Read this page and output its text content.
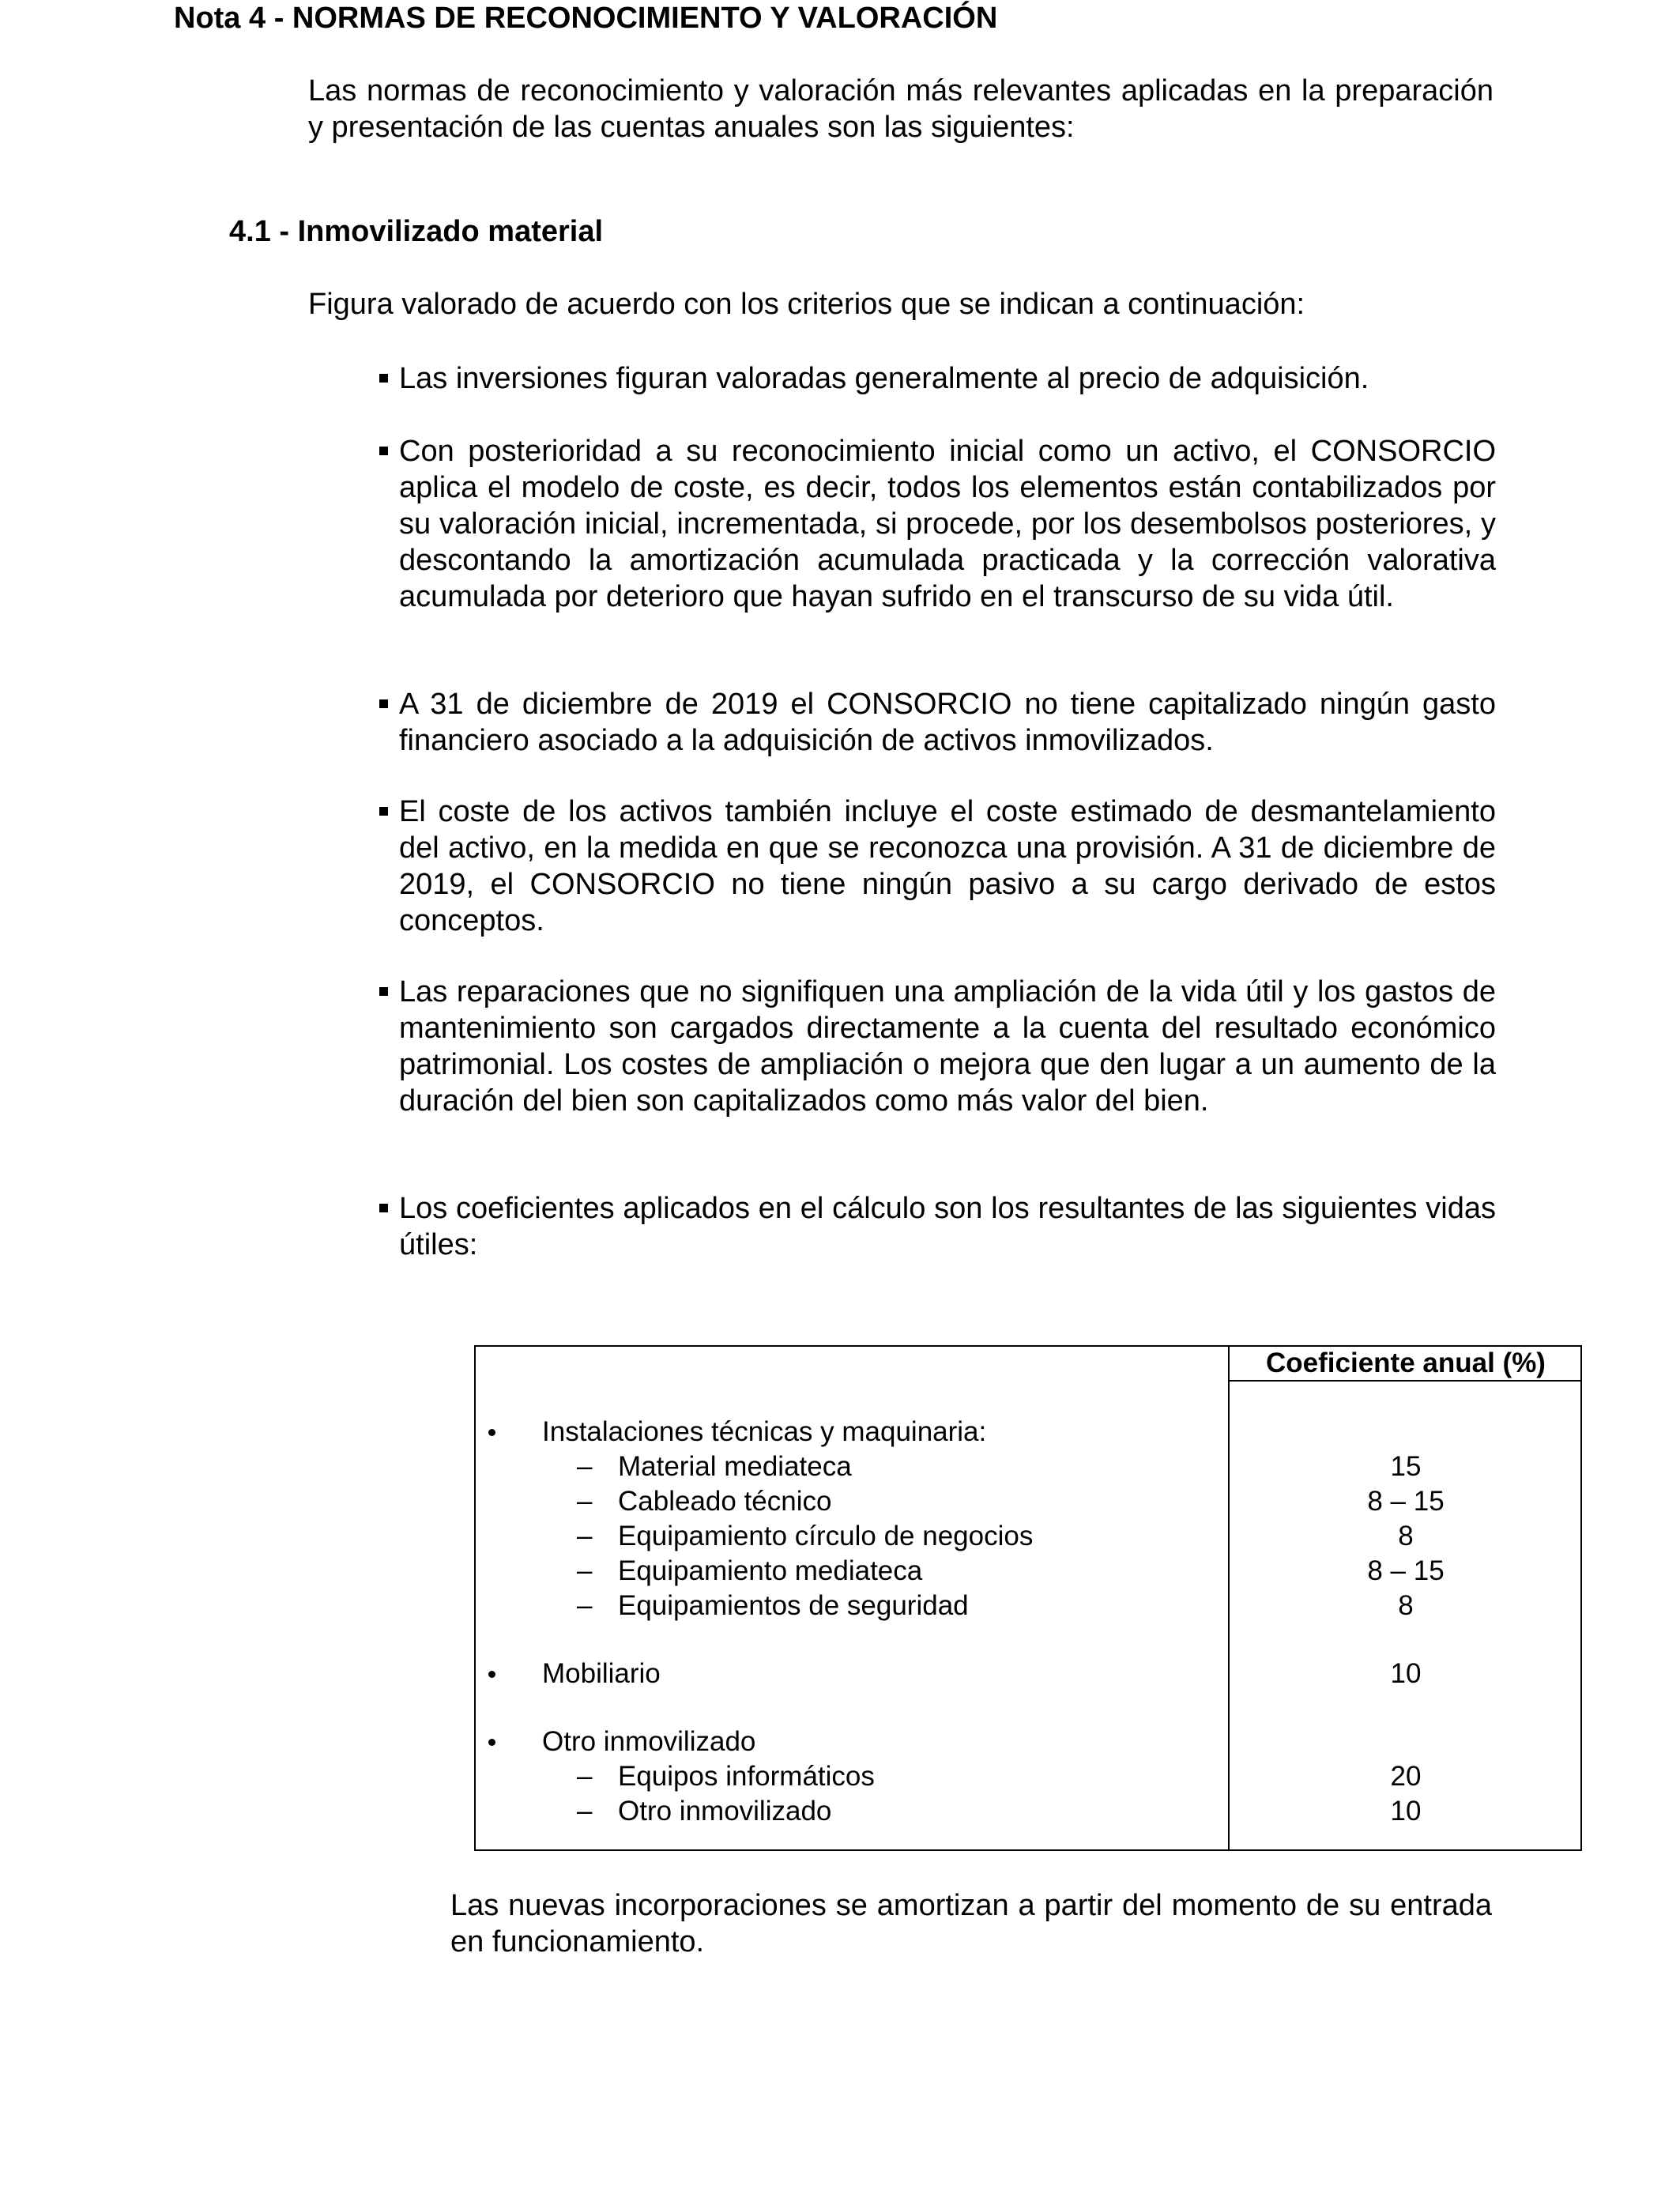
Nota 4 - NORMAS DE RECONOCIMIENTO Y VALORACIÓN
Las normas de reconocimiento y valoración más relevantes aplicadas en la preparación y presentación de las cuentas anuales son las siguientes:
4.1 - Inmovilizado material
Figura valorado de acuerdo con los criterios que se indican a continuación:
Las inversiones figuran valoradas generalmente al precio de adquisición.
Con posterioridad a su reconocimiento inicial como un activo, el CONSORCIO aplica el modelo de coste, es decir, todos los elementos están contabilizados por su valoración inicial, incrementada, si procede, por los desembolsos posteriores, y descontando la amortización acumulada practicada y la corrección valorativa acumulada por deterioro que hayan sufrido en el transcurso de su vida útil.
A 31 de diciembre de 2019 el CONSORCIO no tiene capitalizado ningún gasto financiero asociado a la adquisición de activos inmovilizados.
El coste de los activos también incluye el coste estimado de desmantelamiento del activo, en la medida en que se reconozca una provisión. A 31 de diciembre de 2019, el CONSORCIO no tiene ningún pasivo a su cargo derivado de estos conceptos.
Las reparaciones que no signifiquen una ampliación de la vida útil y los gastos de mantenimiento son cargados directamente a la cuenta del resultado económico patrimonial. Los costes de ampliación o mejora que den lugar a un aumento de la duración del bien son capitalizados como más valor del bien.
Los coeficientes aplicados en el cálculo son los resultantes de las siguientes vidas útiles:
Coeficiente anual (%)
Instalaciones técnicas y maquinaria:
– Material mediateca	15
– Cableado técnico	8 – 15
– Equipamiento círculo de negocios	8
– Equipamiento mediateca	8 – 15
– Equipamientos de seguridad	8
Mobiliario	10
Otro inmovilizado
– Equipos informáticos	20
– Otro inmovilizado	10
Las nuevas incorporaciones se amortizan a partir del momento de su entrada en funcionamiento.
